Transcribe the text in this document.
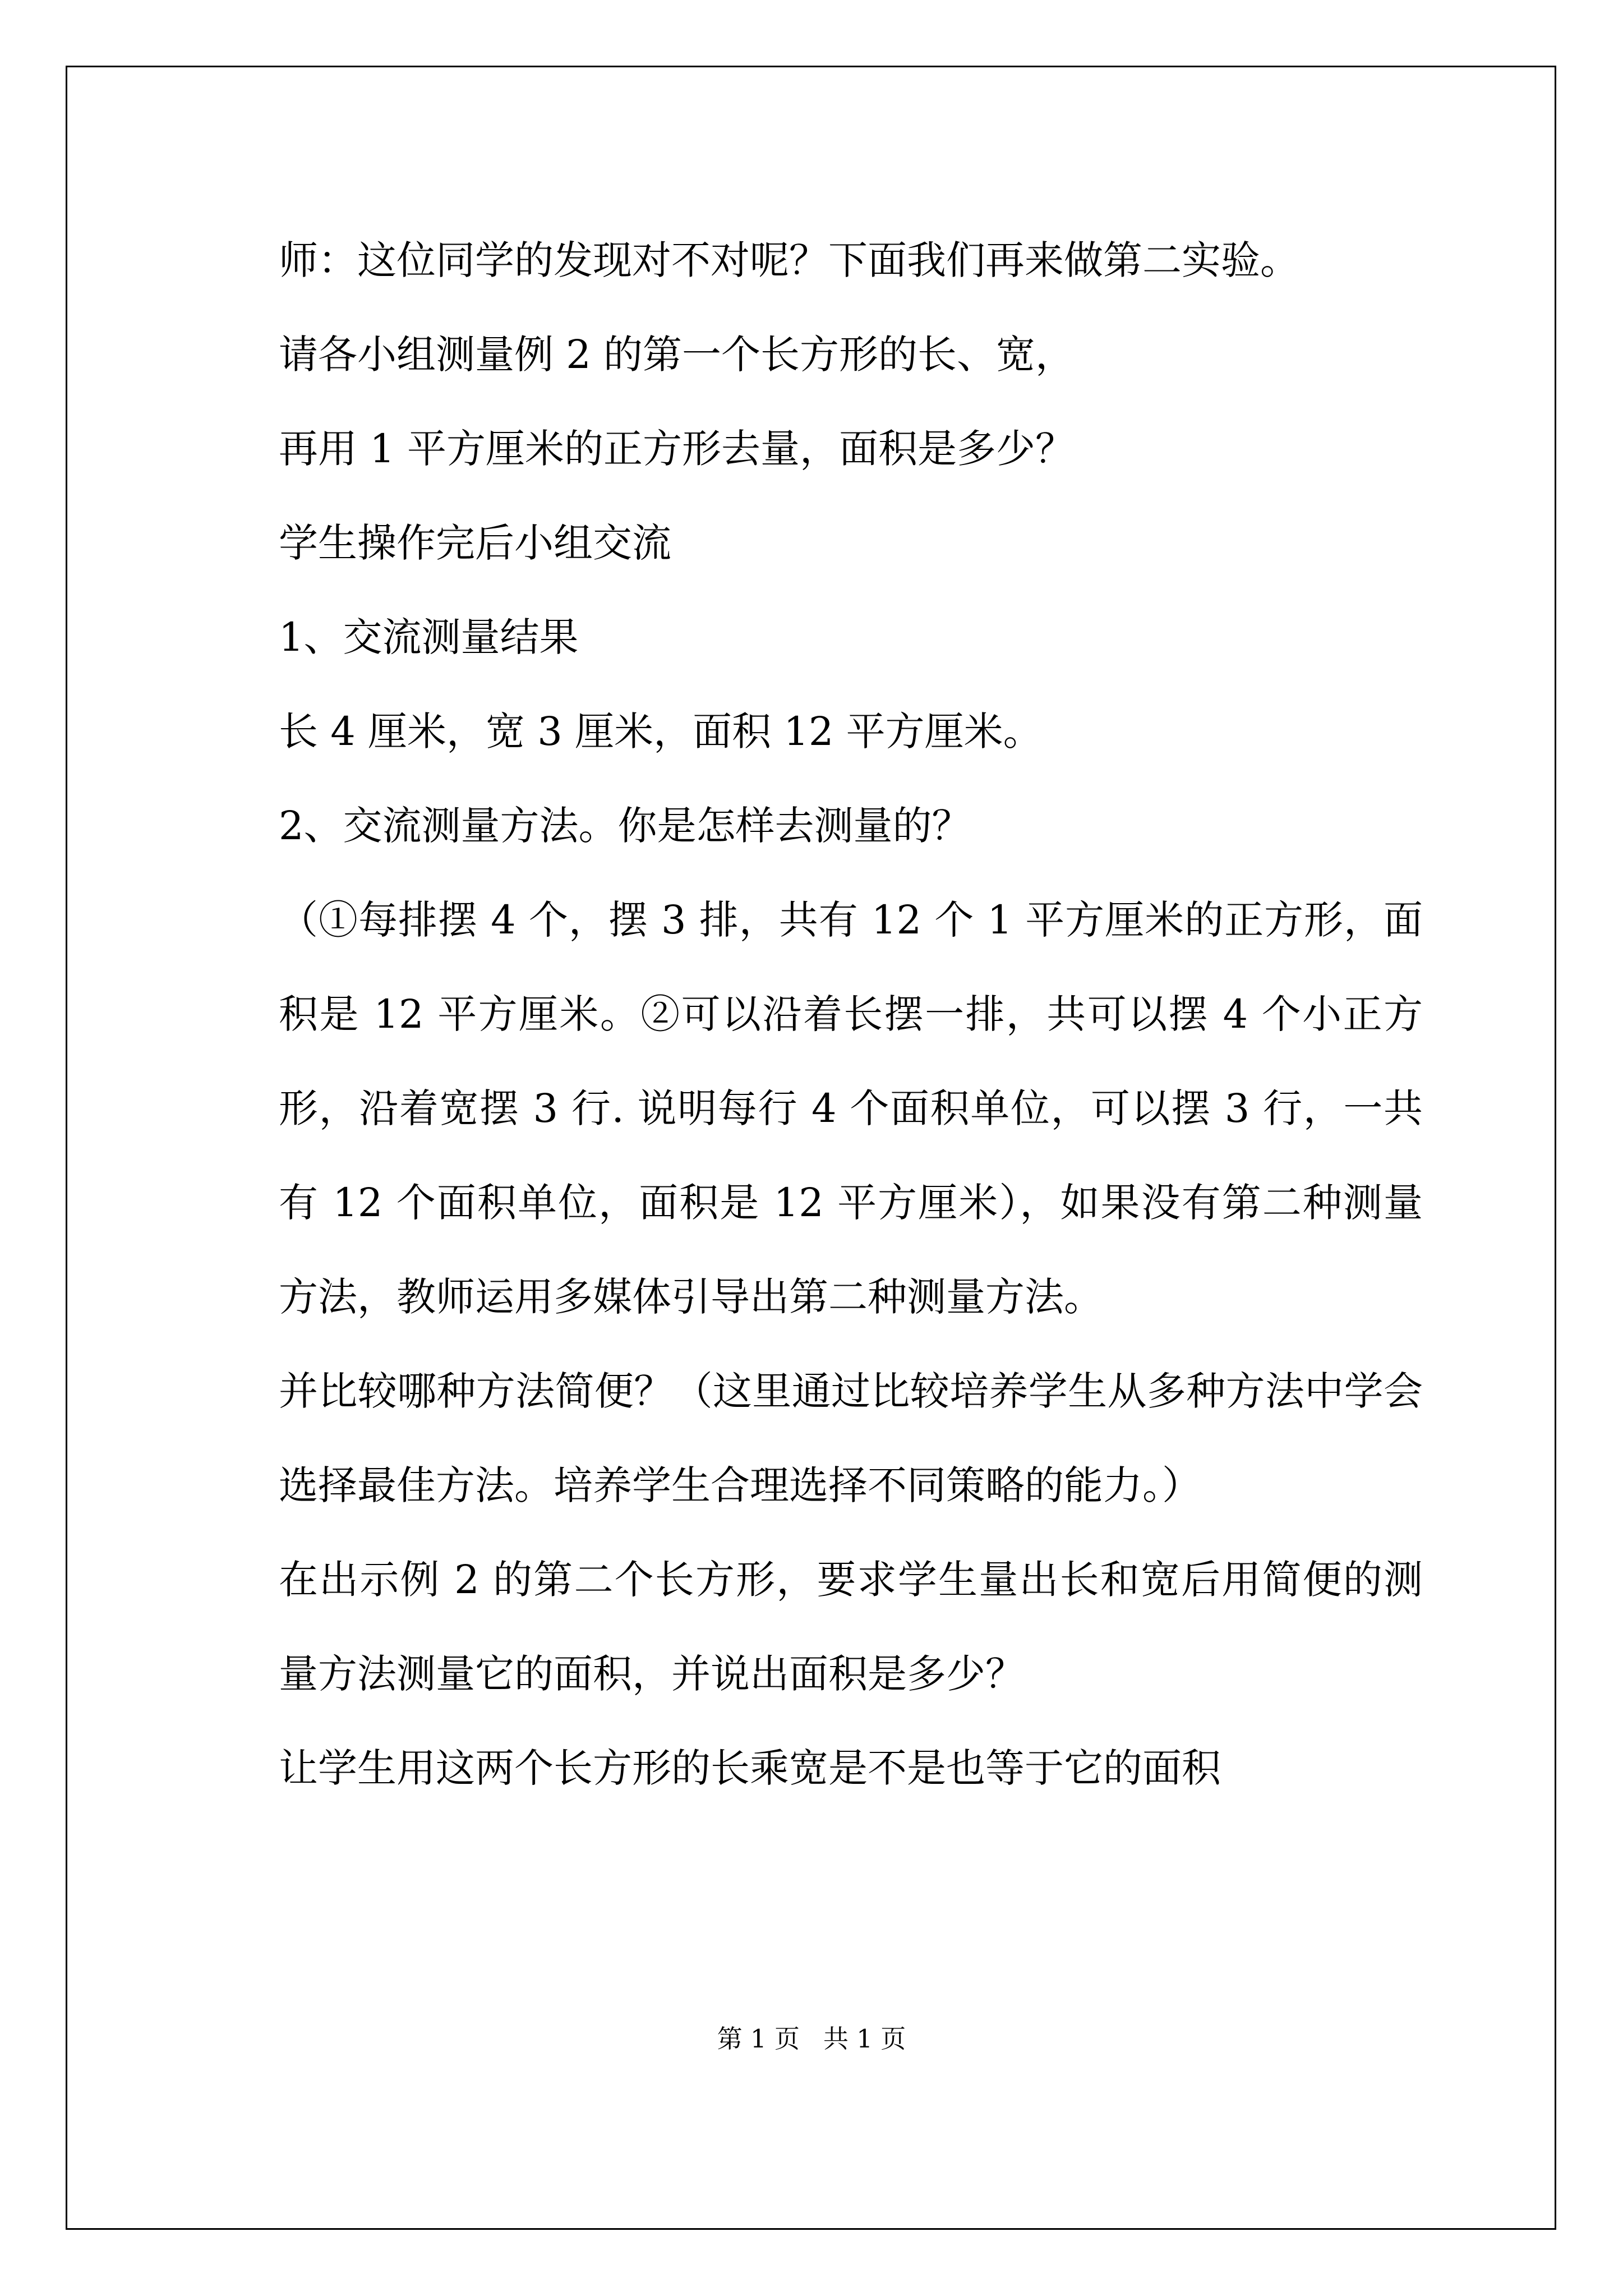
师：这位同学的发现对不对呢？下面我们再来做第二实验。

请各小组测量例 2 的第一个长方形的长、宽，

再用 1 平方厘米的正方形去量，面积是多少？

学生操作完后小组交流

1、交流测量结果

长 4 厘米，宽 3 厘米，面积 12 平方厘米。

2、交流测量方法。你是怎样去测量的？

（①每排摆 4 个，摆 3 排，共有 12 个 1 平方厘米的正方形，面积是 12 平方厘米。②可以沿着长摆一排，共可以摆 4 个小正方形，沿着宽摆 3 行. 说明每行 4 个面积单位，可以摆 3 行，一共有 12 个面积单位，面积是 12 平方厘米），如果没有第二种测量方法，教师运用多媒体引导出第二种测量方法。

并比较哪种方法简便？（这里通过比较培养学生从多种方法中学会选择最佳方法。培养学生合理选择不同策略的能力。）

在出示例 2 的第二个长方形，要求学生量出长和宽后用简便的测量方法测量它的面积，并说出面积是多少？

让学生用这两个长方形的长乘宽是不是也等于它的面积

第 1 页 共 1 页
